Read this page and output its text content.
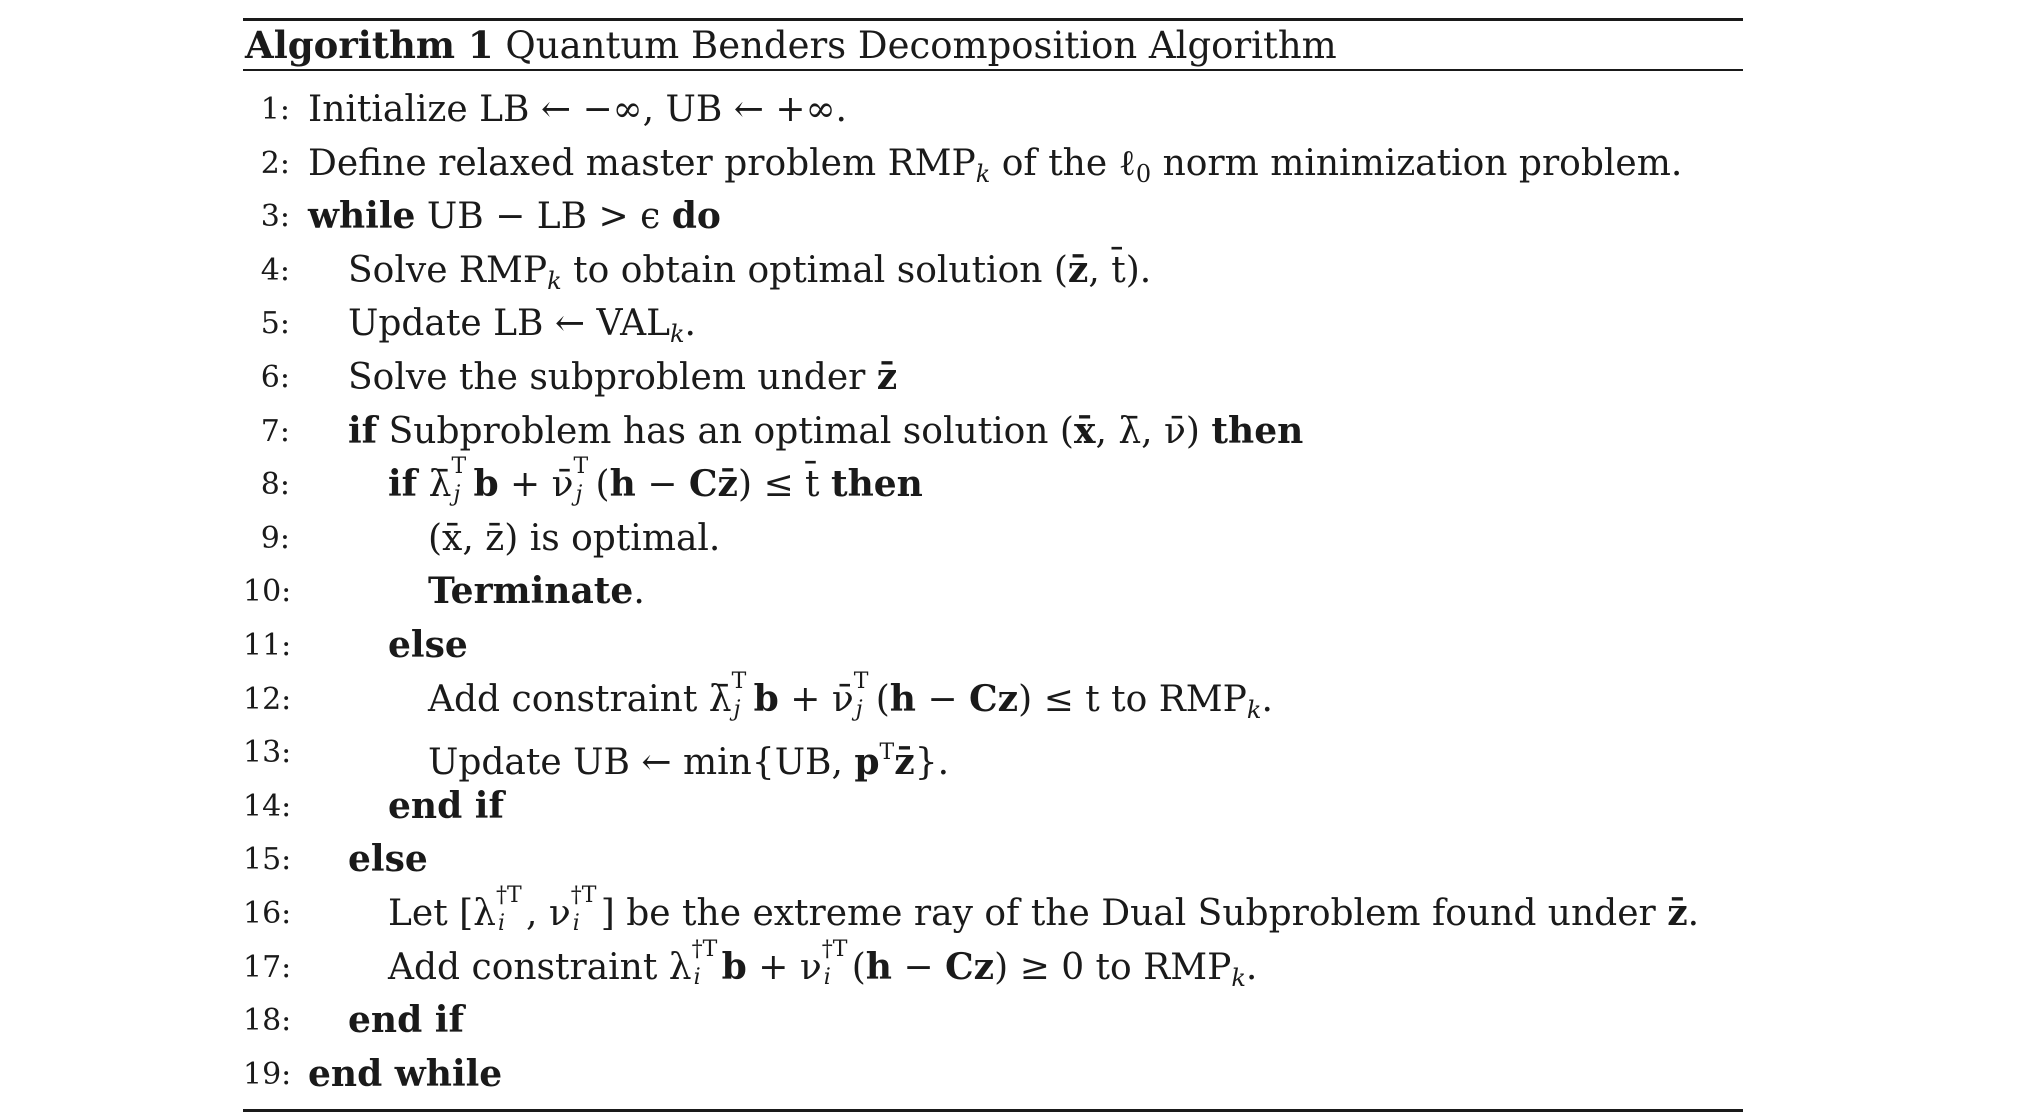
Algorithm 1 Quantum Benders Decomposition Algorithm
1: Initialize LB ← −∞, UB ← +∞.
2: Define relaxed master problem $RMP_k$ of the ℓ$_0$ norm minimization problem.
3: while UB − LB > ϵ do
4: Solve $RMP_k$ to obtain optimal solution (z̄, t̄).
5: Update LB ← $VAL_k$.
6: Solve the subproblem under z̄
7: if Subproblem has an optimal solution (x̄, λ̄, ν̄) then
8:	if λ̄ T
j b + ν̄ T
j (h − Cz̄) ≤ t̄ then
9:	(x̄, z̄) is optimal.
10:	Terminate.
11:	else
12:	Add constraint λ̄ T
j b + ν̄ T
j (h − Cz) ≤ t to $RMP_k$.
13:	Update UB ← min{UB, $p^Tz̄$}.
14:	end if
15: else
16:	Let [λ †T
i , ν †T
i ] be the extreme ray of the Dual Subproblem found under z̄.
17:	Add constraint λ †T
i b + ν †T
i (h − Cz) ≥ 0 to $RMP_k$.
18: end if
19: end while
